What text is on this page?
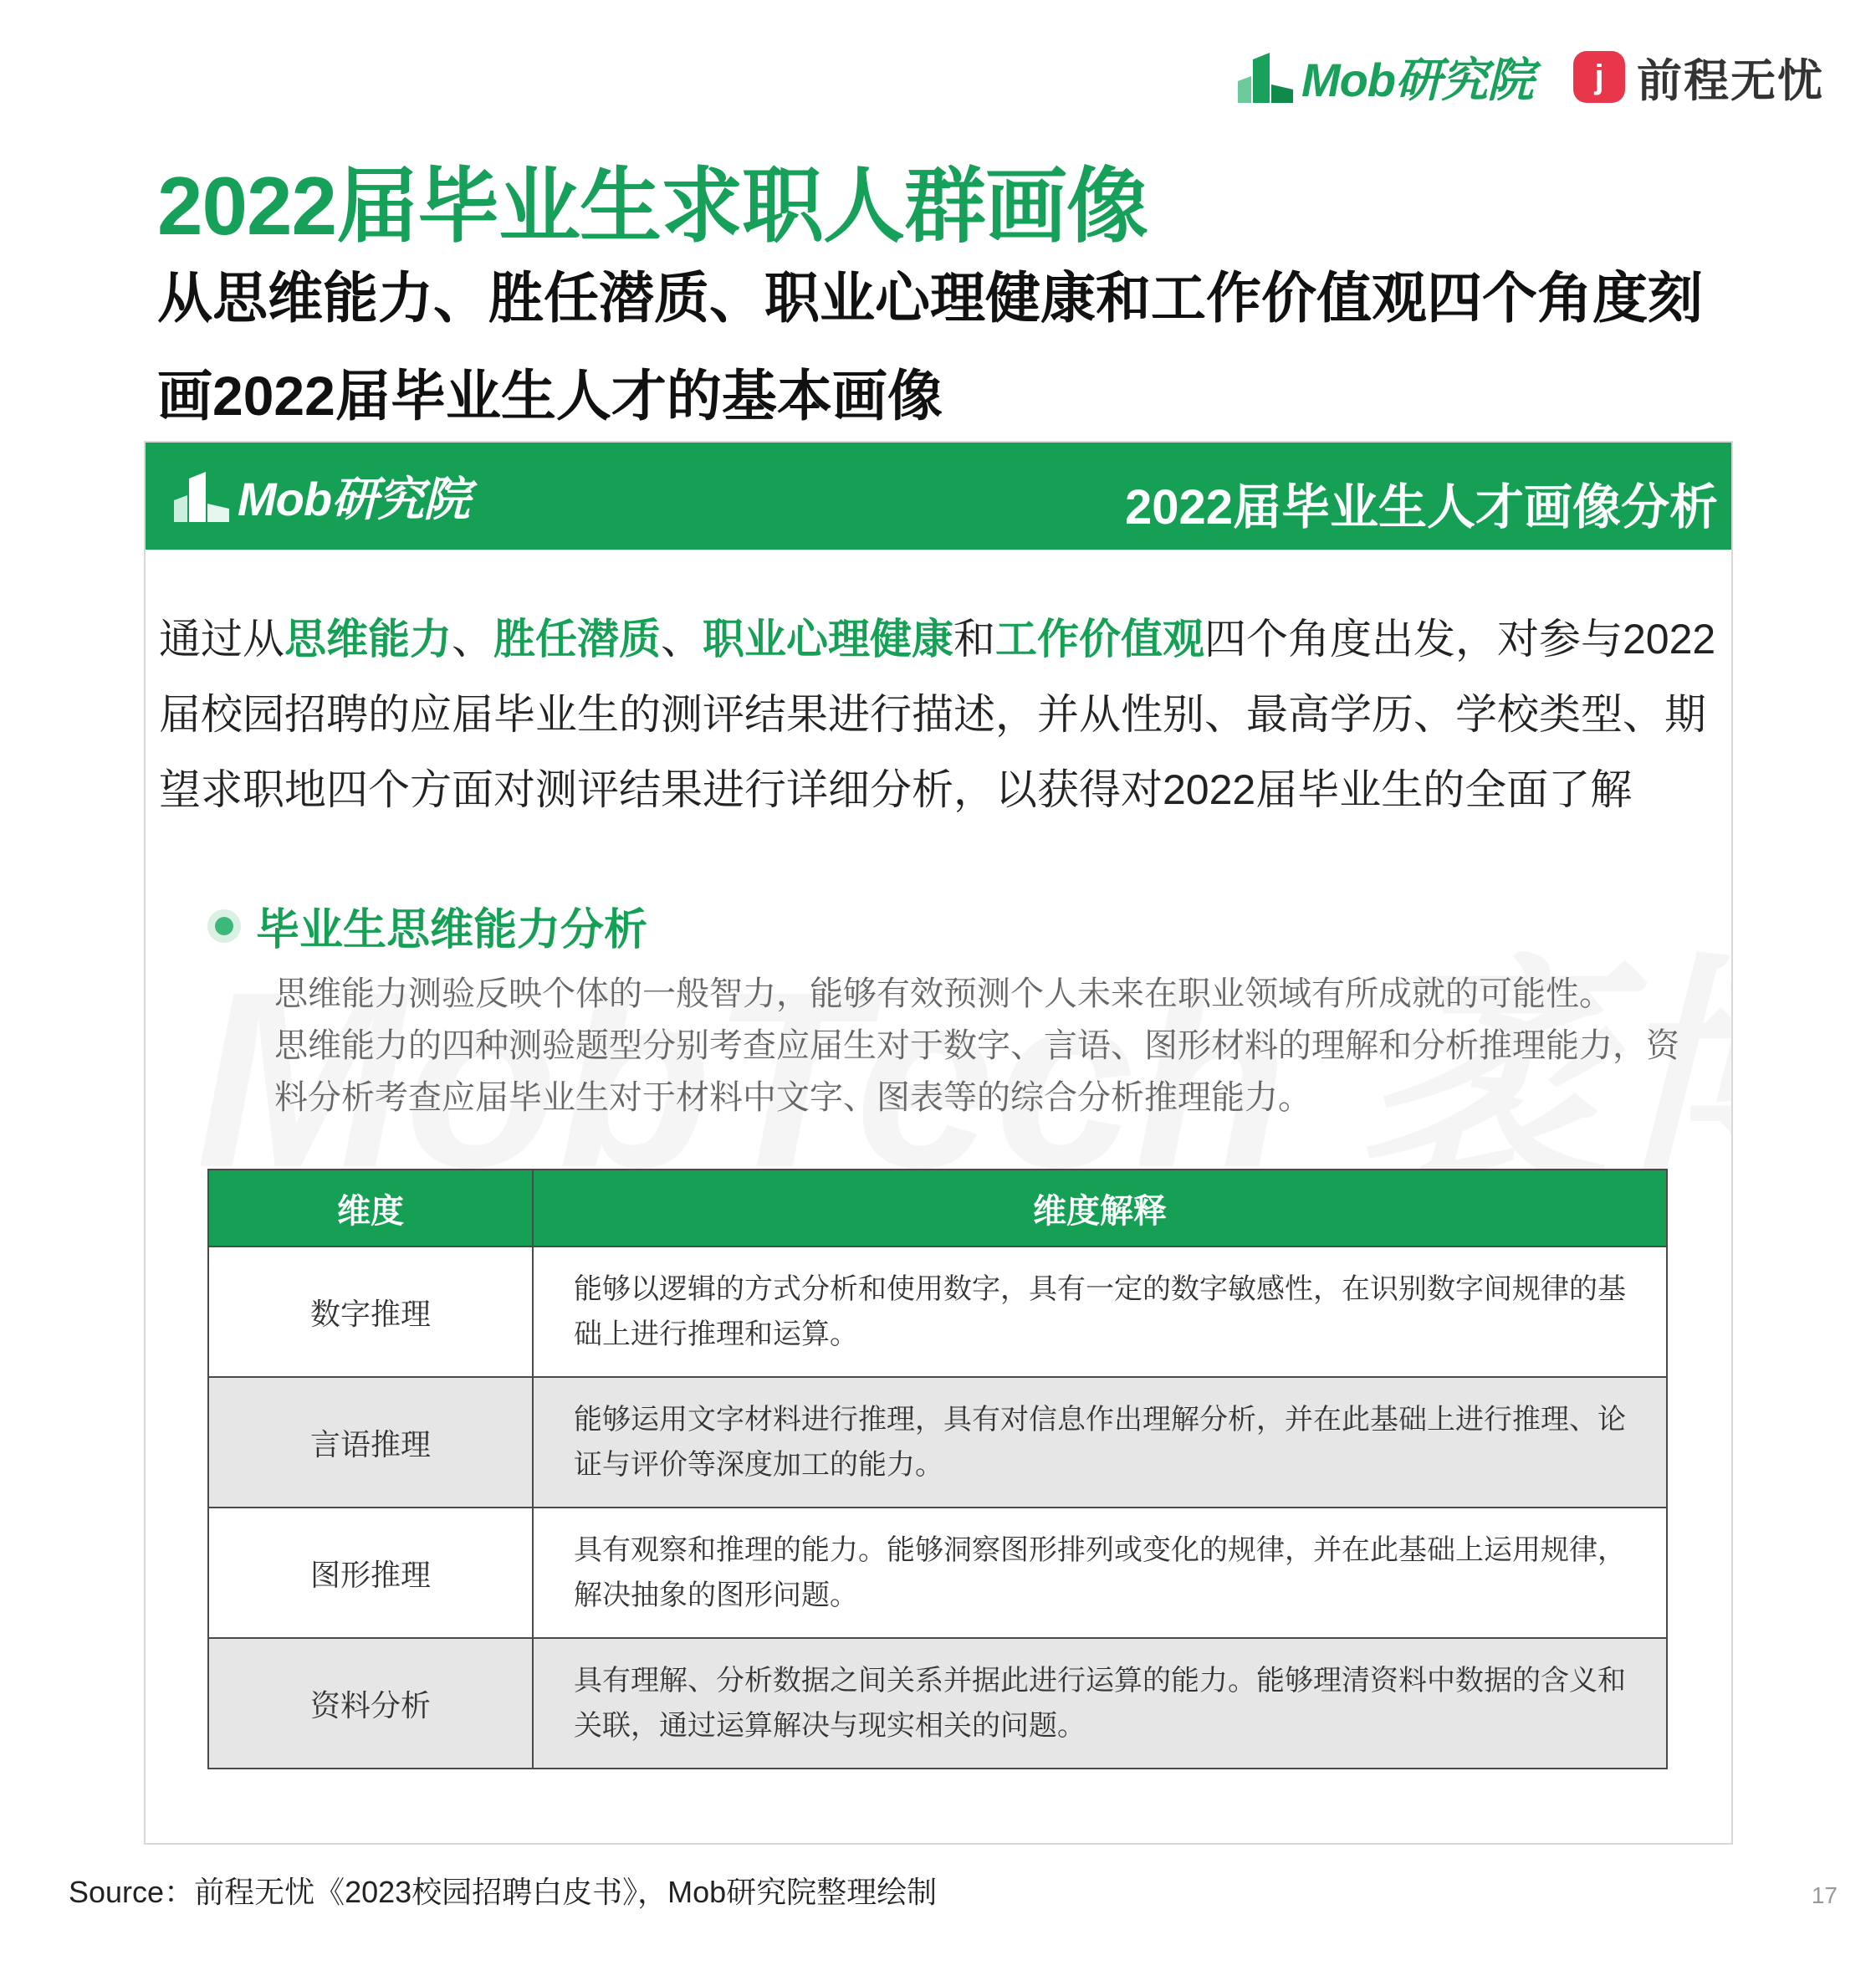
Mob研究院	j 前程无忧
2022届毕业生求职人群画像
从思维能力、胜任潜质、职业心理健康和工作价值观四个角度刻画2022届毕业生人才的基本画像
Mob研究院	2022届毕业生人才画像分析
通过从思维能力、胜任潜质、职业心理健康和工作价值观四个角度出发，对参与2022届校园招聘的应届毕业生的测评结果进行描述，并从性别、最高学历、学校类型、期望求职地四个方面对测评结果进行详细分析，以获得对2022届毕业生的全面了解
毕业生思维能力分析

思维能力测验反映个体的一般智力，能够有效预测个人未来在职业领域有所成就的可能性。

思维能力的四种测验题型分别考查应届生对于数字、言语、图形材料的理解和分析推理能力，资料分析考查应届毕业生对于材料中文字、图表等的综合分析推理能力。

维度	维度解释
数字推理	能够以逻辑的方式分析和使用数字，具有一定的数字敏感性，在识别数字间规律的基础上进行推理和运算。
言语推理	能够运用文字材料进行推理，具有对信息作出理解分析，并在此基础上进行推理、论证与评价等深度加工的能力。
图形推理	具有观察和推理的能力。能够洞察图形排列或变化的规律，并在此基础上运用规律，解决抽象的图形问题。
资料分析	具有理解、分析数据之间关系并据此进行运算的能力。能够理清资料中数据的含义和关联，通过运算解决与现实相关的问题。
Source：前程无忧《2023校园招聘白皮书》，Mob研究院整理绘制	17
